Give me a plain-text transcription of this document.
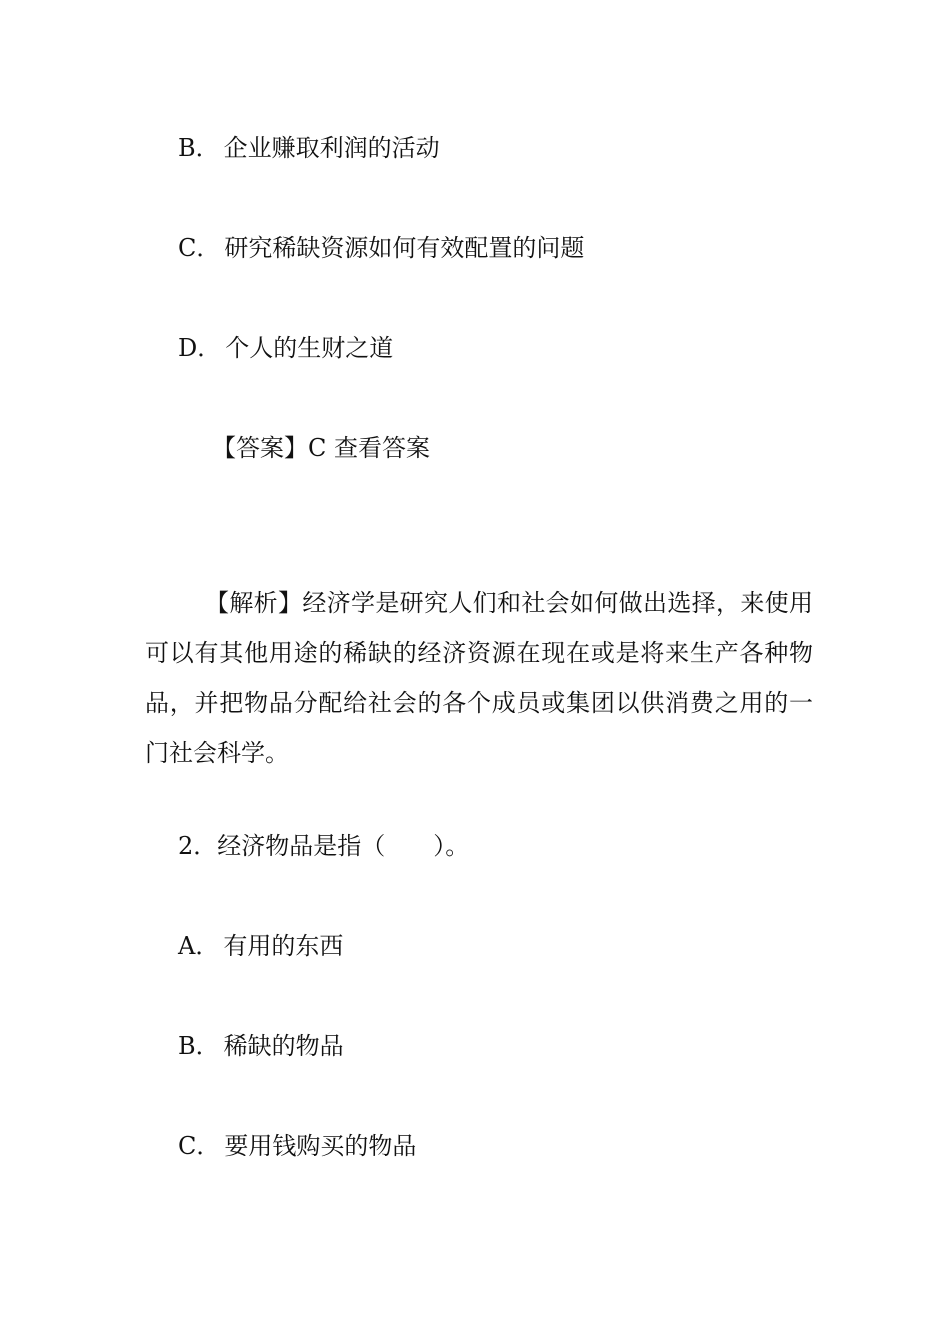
B． 企业赚取利润的活动
C． 研究稀缺资源如何有效配置的问题
D． 个人的生财之道
【答案】C 查看答案
【解析】经济学是研究人们和社会如何做出选择，来使用可以有其他用途的稀缺的经济资源在现在或是将来生产各种物品，并把物品分配给社会的各个成员或集团以供消费之用的一门社会科学。
2．经济物品是指（　　）。
A． 有用的东西
B． 稀缺的物品
C． 要用钱购买的物品
